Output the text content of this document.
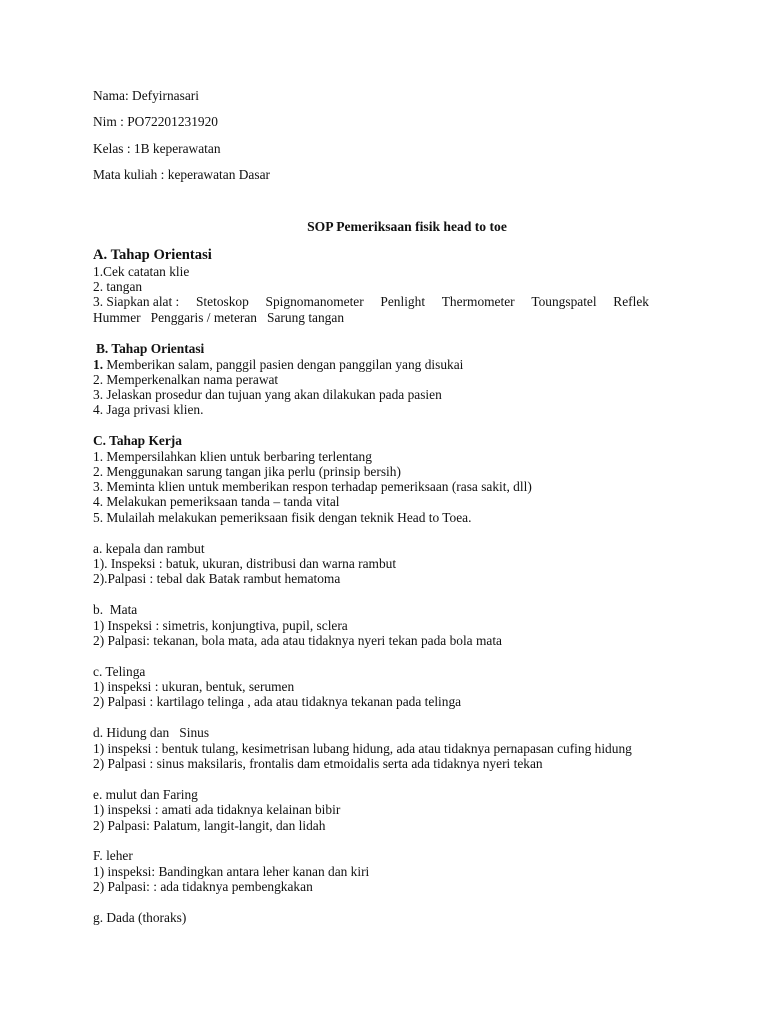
Nama: Defyirnasari
Nim : PO72201231920
Kelas : 1B keperawatan
Mata kuliah : keperawatan Dasar
SOP Pemeriksaan fisik head to toe
A. Tahap Orientasi
1.Cek catatan klie
2. tangan
3. Siapkan alat : Stetoskop Spignomanometer Penlight Thermometer Toungspatel Reflek
Hummer   Penggaris / meteran   Sarung tangan
B. Tahap Orientasi
1. Memberikan salam, panggil pasien dengan panggilan yang disukai
2. Memperkenalkan nama perawat
3. Jelaskan prosedur dan tujuan yang akan dilakukan pada pasien
4. Jaga privasi klien.
C. Tahap Kerja
1. Mempersilahkan klien untuk berbaring terlentang
2. Menggunakan sarung tangan jika perlu (prinsip bersih)
3. Meminta klien untuk memberikan respon terhadap pemeriksaan (rasa sakit, dll)
4. Melakukan pemeriksaan tanda – tanda vital
5. Mulailah melakukan pemeriksaan fisik dengan teknik Head to Toea.
a. kepala dan rambut
1). Inspeksi : batuk, ukuran, distribusi dan warna rambut
2).Palpasi : tebal dak Batak rambut hematoma
b.  Mata
1) Inspeksi : simetris, konjungtiva, pupil, sclera
2) Palpasi: tekanan, bola mata, ada atau tidaknya nyeri tekan pada bola mata
c. Telinga
1) inspeksi : ukuran, bentuk, serumen
2) Palpasi : kartilago telinga , ada atau tidaknya tekanan pada telinga
d. Hidung dan   Sinus
1) inspeksi : bentuk tulang, kesimetrisan lubang hidung, ada atau tidaknya pernapasan cufing hidung
2) Palpasi : sinus maksilaris, frontalis dam etmoidalis serta ada tidaknya nyeri tekan
e. mulut dan Faring
1) inspeksi : amati ada tidaknya kelainan bibir
2) Palpasi: Palatum, langit-langit, dan lidah
F. leher
1) inspeksi: Bandingkan antara leher kanan dan kiri
2) Palpasi: : ada tidaknya pembengkakan
g. Dada (thoraks)
